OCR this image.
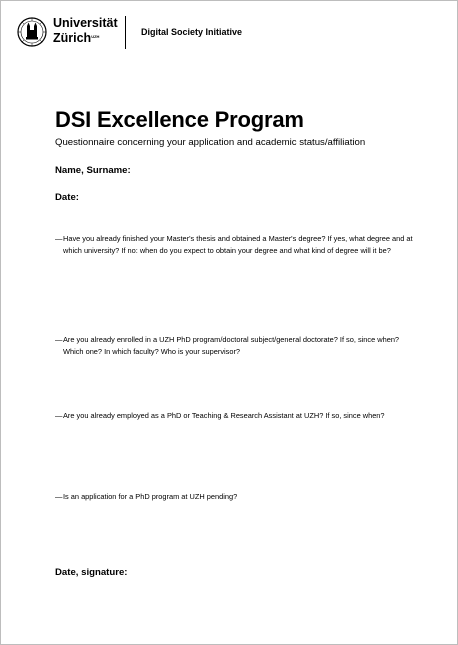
Universität
Zürich$^{UZH}$	Digital Society Initiative
DSI Excellence Program
Questionnaire concerning your application and academic status/affiliation
Name, Surname:
Date:
— Have you already finished your Master's thesis and obtained a Master's degree? If yes, what degree and at which university? If no: when do you expect to obtain your degree and what kind of degree will it be?
— Are you already enrolled in a UZH PhD program/doctoral subject/general doctorate? If so, since when? Which one? In which faculty? Who is your supervisor?
— Are you already employed as a PhD or Teaching & Research Assistant at UZH? If so, since when?
— Is an application for a PhD program at UZH pending?
Date, signature:
